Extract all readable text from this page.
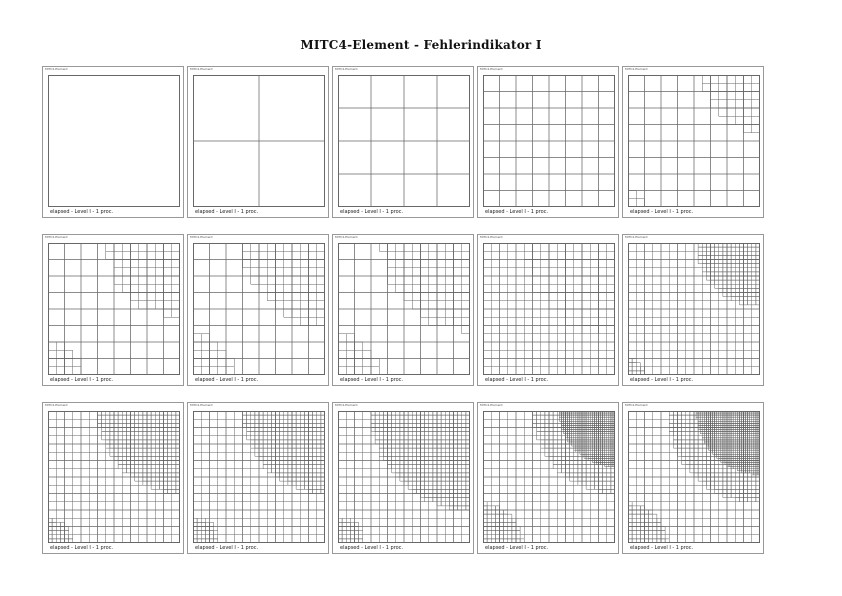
MITC4-Element - Fehlerindikator I
MITC4-Element
elapsed - Level I - 1 proc.
MITC4-Element
elapsed - Level I - 1 proc.
MITC4-Element
elapsed - Level I - 1 proc.
MITC4-Element
elapsed - Level I - 1 proc.
MITC4-Element
elapsed - Level I - 1 proc.
MITC4-Element
elapsed - Level I - 1 proc.
MITC4-Element
elapsed - Level I - 1 proc.
MITC4-Element
elapsed - Level I - 1 proc.
MITC4-Element
elapsed - Level I - 1 proc.
MITC4-Element
elapsed - Level I - 1 proc.
MITC4-Element
elapsed - Level I - 1 proc.
MITC4-Element
elapsed - Level I - 1 proc.
MITC4-Element
elapsed - Level I - 1 proc.
MITC4-Element
elapsed - Level I - 1 proc.
MITC4-Element
elapsed - Level I - 1 proc.
